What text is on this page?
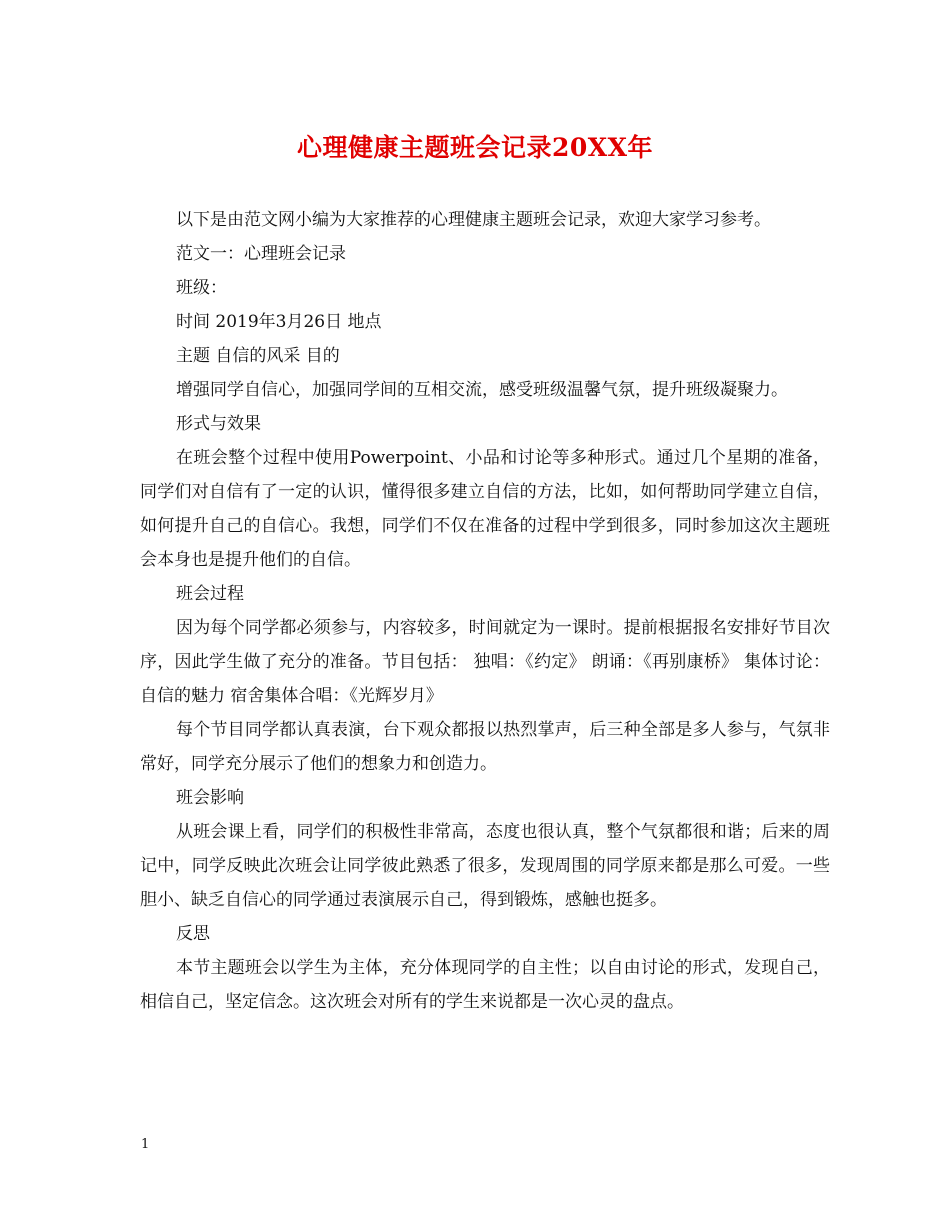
心理健康主题班会记录20XX年

以下是由范文网小编为大家推荐的心理健康主题班会记录，欢迎大家学习参考。

范文一：心理班会记录

班级：

时间 2019年3月26日 地点

主题 自信的风采 目的

增强同学自信心，加强同学间的互相交流，感受班级温馨气氛，提升班级凝聚力。

形式与效果

在班会整个过程中使用Powerpoint、小品和讨论等多种形式。通过几个星期的准备，同学们对自信有了一定的认识，懂得很多建立自信的方法，比如，如何帮助同学建立自信，如何提升自己的自信心。我想，同学们不仅在准备的过程中学到很多，同时参加这次主题班会本身也是提升他们的自信。

班会过程

因为每个同学都必须参与，内容较多，时间就定为一课时。提前根据报名安排好节目次序，因此学生做了充分的准备。节目包括： 独唱：《约定》 朗诵：《再别康桥》 集体讨论：自信的魅力 宿舍集体合唱：《光辉岁月》

每个节目同学都认真表演，台下观众都报以热烈掌声，后三种全部是多人参与，气氛非常好，同学充分展示了他们的想象力和创造力。

班会影响

从班会课上看，同学们的积极性非常高，态度也很认真，整个气氛都很和谐；后来的周记中，同学反映此次班会让同学彼此熟悉了很多，发现周围的同学原来都是那么可爱。一些胆小、缺乏自信心的同学通过表演展示自己，得到锻炼，感触也挺多。

反思

本节主题班会以学生为主体，充分体现同学的自主性；以自由讨论的形式，发现自己，相信自己，坚定信念。这次班会对所有的学生来说都是一次心灵的盘点。

1
